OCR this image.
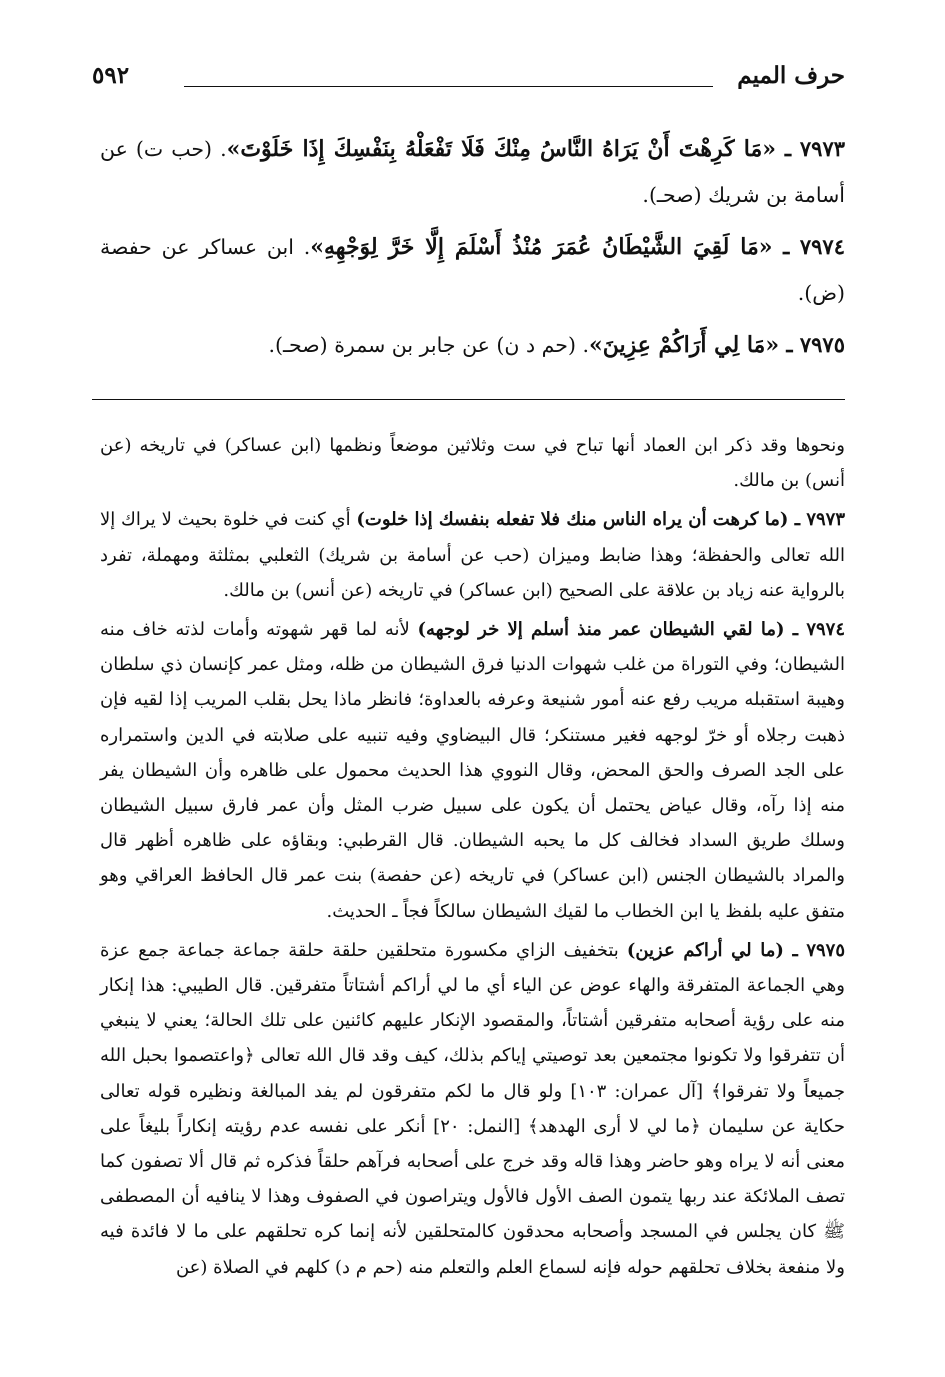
حرف الميم
٥٩٢

٧٩٧٣ ـ «مَا كَرِهْتَ أَنْ يَرَاهُ النَّاسُ مِنْكَ فَلَا تَفْعَلْهُ بِنَفْسِكَ إِذَا خَلَوْتَ». (حب ت) عن أسامة بن شريك (صحـ).

٧٩٧٤ ـ «مَا لَقِيَ الشَّيْطَانُ عُمَرَ مُنْذُ أَسْلَمَ إِلَّا خَرَّ لِوَجْهِهِ». ابن عساكر عن حفصة (ض).

٧٩٧٥ ـ «مَا لِي أَرَاكُمْ عِزِينَ». (حم د ن) عن جابر بن سمرة (صحـ).

ونحوها وقد ذكر ابن العماد أنها تباح في ست وثلاثين موضعاً ونظمها (ابن عساكر) في تاريخه (عن أنس) بن مالك.

٧٩٧٣ ـ (ما كرهت أن يراه الناس منك فلا تفعله بنفسك إذا خلوت) أي كنت في خلوة بحيث لا يراك إلا الله تعالى والحفظة؛ وهذا ضابط وميزان (حب عن أسامة بن شريك) الثعلبي بمثلثة ومهملة، تفرد بالرواية عنه زياد بن علاقة على الصحيح (ابن عساكر) في تاريخه (عن أنس) بن مالك.

٧٩٧٤ ـ (ما لقي الشيطان عمر منذ أسلم إلا خر لوجهه) لأنه لما قهر شهوته وأمات لذته خاف منه الشيطان؛ وفي التوراة من غلب شهوات الدنيا فرق الشيطان من ظله، ومثل عمر كإنسان ذي سلطان وهيبة استقبله مريب رفع عنه أمور شنيعة وعرفه بالعداوة؛ فانظر ماذا يحل بقلب المريب إذا لقيه فإن ذهبت رجلاه أو خرّ لوجهه فغير مستنكر؛ قال البيضاوي وفيه تنبيه على صلابته في الدين واستمراره على الجد الصرف والحق المحض، وقال النووي هذا الحديث محمول على ظاهره وأن الشيطان يفر منه إذا رآه، وقال عياض يحتمل أن يكون على سبيل ضرب المثل وأن عمر فارق سبيل الشيطان وسلك طريق السداد فخالف كل ما يحبه الشيطان. قال القرطبي: وبقاؤه على ظاهره أظهر قال والمراد بالشيطان الجنس (ابن عساكر) في تاريخه (عن حفصة) بنت عمر قال الحافظ العراقي وهو متفق عليه بلفظ يا ابن الخطاب ما لقيك الشيطان سالكاً فجاً ـ الحديث.

٧٩٧٥ ـ (ما لي أراكم عزين) بتخفيف الزاي مكسورة متحلقين حلقة حلقة جماعة جماعة جمع عزة وهي الجماعة المتفرقة والهاء عوض عن الياء أي ما لي أراكم أشتاتاً متفرقين. قال الطيبي: هذا إنكار منه على رؤية أصحابه متفرقين أشتاتاً، والمقصود الإنكار عليهم كائنين على تلك الحالة؛ يعني لا ينبغي أن تتفرقوا ولا تكونوا مجتمعين بعد توصيتي إياكم بذلك، كيف وقد قال الله تعالى ﴿واعتصموا بحبل الله جميعاً ولا تفرقوا﴾ [آل عمران: ١٠٣] ولو قال ما لكم متفرقون لم يفد المبالغة ونظيره قوله تعالى حكاية عن سليمان ﴿ما لي لا أرى الهدهد﴾ [النمل: ٢٠] أنكر على نفسه عدم رؤيته إنكاراً بليغاً على معنى أنه لا يراه وهو حاضر وهذا قاله وقد خرج على أصحابه فرآهم حلقاً فذكره ثم قال ألا تصفون كما تصف الملائكة عند ربها يتمون الصف الأول فالأول ويتراصون في الصفوف وهذا لا ينافيه أن المصطفى ﷺ كان يجلس في المسجد وأصحابه محدقون كالمتحلقين لأنه إنما كره تحلقهم على ما لا فائدة فيه ولا منفعة بخلاف تحلقهم حوله فإنه لسماع العلم والتعلم منه (حم م د) كلهم في الصلاة (عن
